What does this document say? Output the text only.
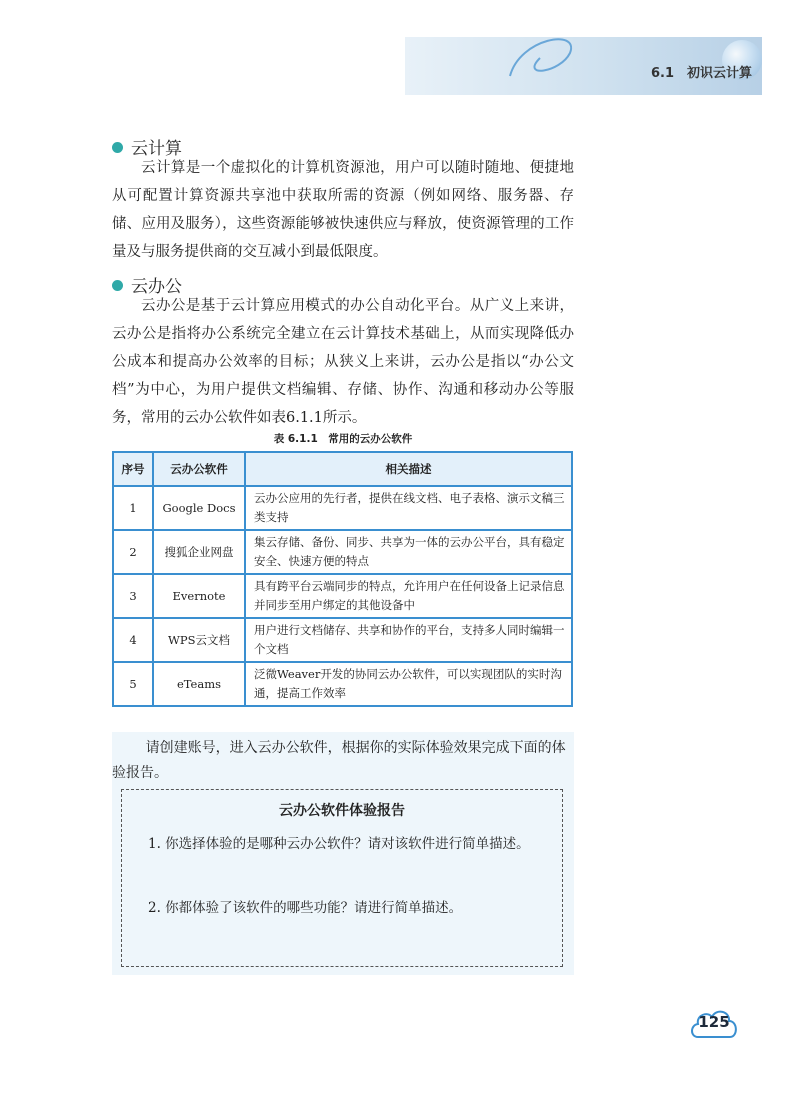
6.1 初识云计算
云计算
云计算是一个虚拟化的计算机资源池，用户可以随时随地、便捷地从可配置计算资源共享池中获取所需的资源（例如网络、服务器、存储、应用及服务），这些资源能够被快速供应与释放，使资源管理的工作量及与服务提供商的交互减小到最低限度。
云办公
云办公是基于云计算应用模式的办公自动化平台。从广义上来讲，云办公是指将办公系统完全建立在云计算技术基础上，从而实现降低办公成本和提高办公效率的目标；从狭义上来讲，云办公是指以“办公文档”为中心，为用户提供文档编辑、存储、协作、沟通和移动办公等服务，常用的云办公软件如表6.1.1所示。
表 6.1.1 常用的云办公软件
序号	云办公软件	相关描述
1	Google Docs	云办公应用的先行者，提供在线文档、电子表格、演示文稿三类支持
2	搜狐企业网盘	集云存储、备份、同步、共享为一体的云办公平台，具有稳定安全、快速方便的特点
3	Evernote	具有跨平台云端同步的特点，允许用户在任何设备上记录信息并同步至用户绑定的其他设备中
4	WPS云文档	用户进行文档储存、共享和协作的平台，支持多人同时编辑一个文档
5	eTeams	泛微Weaver开发的协同云办公软件，可以实现团队的实时沟通，提高工作效率
请创建账号，进入云办公软件，根据你的实际体验效果完成下面的体验报告。
云办公软件体验报告
1. 你选择体验的是哪种云办公软件？请对该软件进行简单描述。
2. 你都体验了该软件的哪些功能？请进行简单描述。
125
